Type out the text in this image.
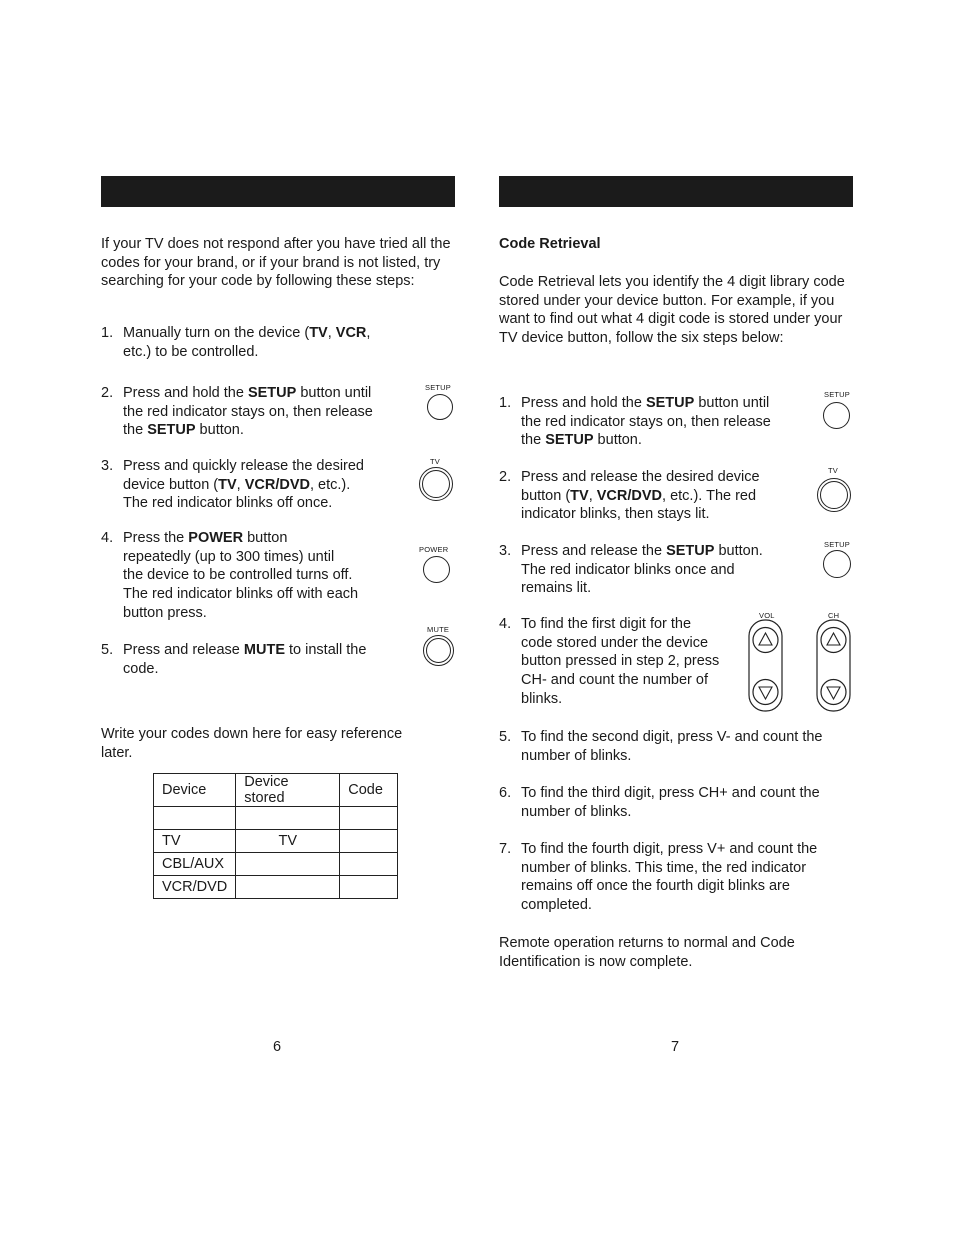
If your TV does not respond after you have tried all the codes for your brand, or if your brand is not listed, try searching for your code by following these steps:

1. Manually turn on the device (TV, VCR,
etc.) to be controlled.
2. Press and hold the SETUP button until
the red indicator stays on, then release
the SETUP button.
3. Press and quickly release the desired
device button (TV, VCR/DVD, etc.).
The red indicator blinks off once.
4. Press the POWER button
repeatedly (up to 300 times) until
the device to be controlled turns off.
The red indicator blinks off with each
button press.
5. Press and release MUTE to install the
code.
SETUP
TV
POWER
MUTE

Write your codes down here for easy reference later.

Device	Device stored	Code

TV	TV	
CBL/AUX		
VCR/DVD		
6

Code Retrieval

Code Retrieval lets you identify the 4 digit library code stored under your device button. For example, if you want to find out what 4 digit code is stored under your TV device button, follow the six steps below:

1. Press and hold the SETUP button until
the red indicator stays on, then release
the SETUP button.
2. Press and release the desired device
button (TV, VCR/DVD, etc.). The red
indicator blinks, then stays lit.
3. Press and release the SETUP button.
The red indicator blinks once and
remains lit.
4. To find the first digit for the
code stored under the device
button pressed in step 2, press
CH- and count the number of
blinks.
5. To find the second digit, press V- and count the number of blinks.
6. To find the third digit, press CH+ and count the number of blinks.
7. To find the fourth digit, press V+ and count the number of blinks. This time, the red indicator remains off once the fourth digit blinks are completed.
SETUP
TV
SETUP
VOL	CH

Remote operation returns to normal and Code Identification is now complete.

7
